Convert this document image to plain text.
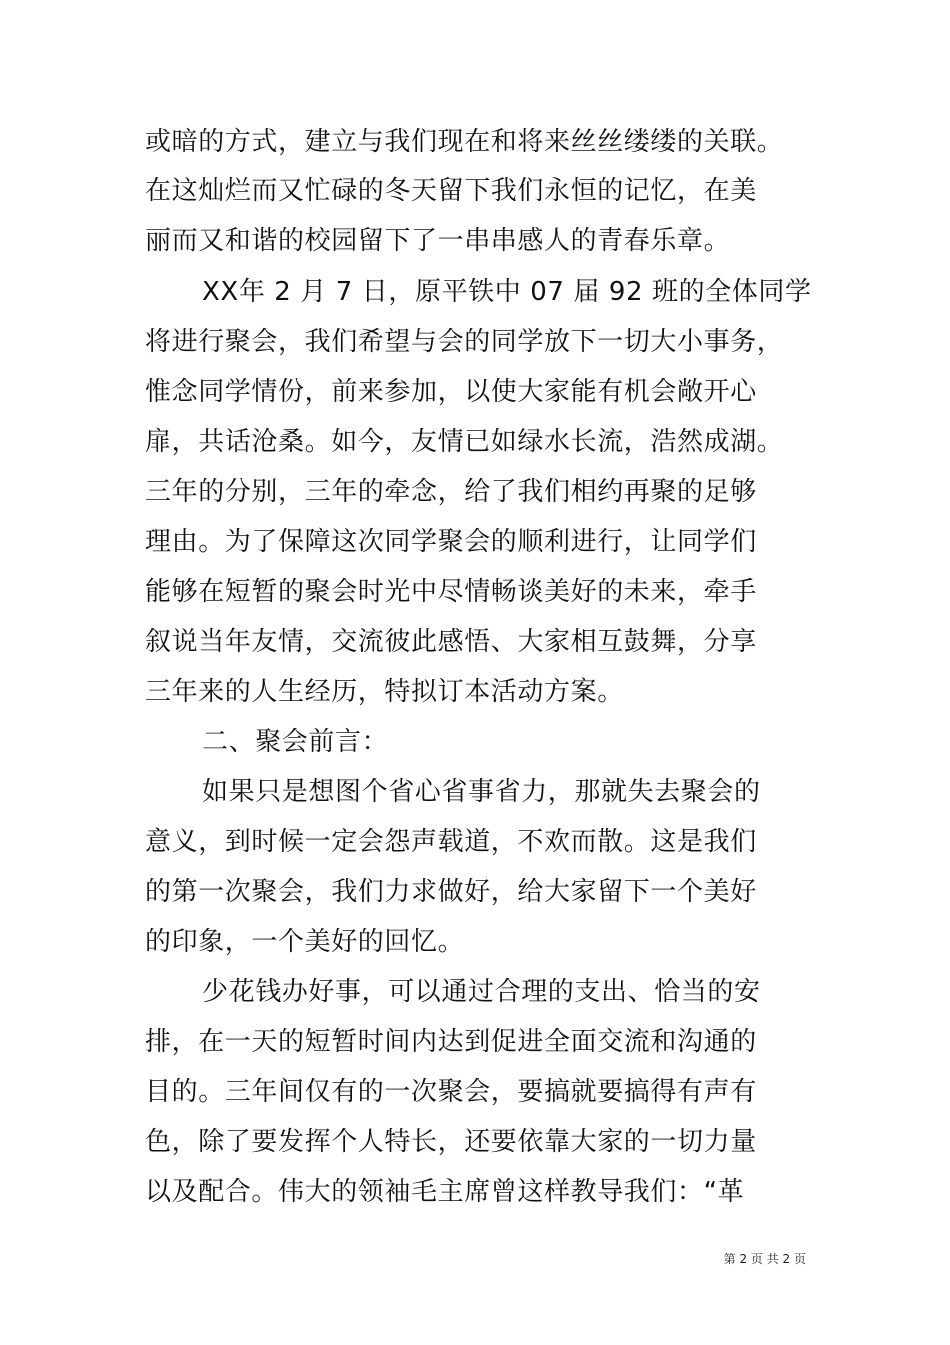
或暗的方式，建立与我们现在和将来丝丝缕缕的关联。
在这灿烂而又忙碌的冬天留下我们永恒的记忆，在美
丽而又和谐的校园留下了一串串感人的青春乐章。
XX年 2 月 7 日，原平铁中 07 届 92 班的全体同学
将进行聚会，我们希望与会的同学放下一切大小事务，
惟念同学情份，前来参加，以使大家能有机会敞开心
扉，共话沧桑。如今，友情已如绿水长流，浩然成湖。
三年的分别，三年的牵念，给了我们相约再聚的足够
理由。为了保障这次同学聚会的顺利进行，让同学们
能够在短暂的聚会时光中尽情畅谈美好的未来，牵手
叙说当年友情，交流彼此感悟、大家相互鼓舞，分享
三年来的人生经历，特拟订本活动方案。
二、聚会前言：
如果只是想图个省心省事省力，那就失去聚会的
意义，到时候一定会怨声载道，不欢而散。这是我们
的第一次聚会，我们力求做好，给大家留下一个美好
的印象，一个美好的回忆。
少花钱办好事，可以通过合理的支出、恰当的安
排，在一天的短暂时间内达到促进全面交流和沟通的
目的。三年间仅有的一次聚会，要搞就要搞得有声有
色，除了要发挥个人特长，还要依靠大家的一切力量
以及配合。伟大的领袖毛主席曾这样教导我们：“革
第 2 页 共 2 页
